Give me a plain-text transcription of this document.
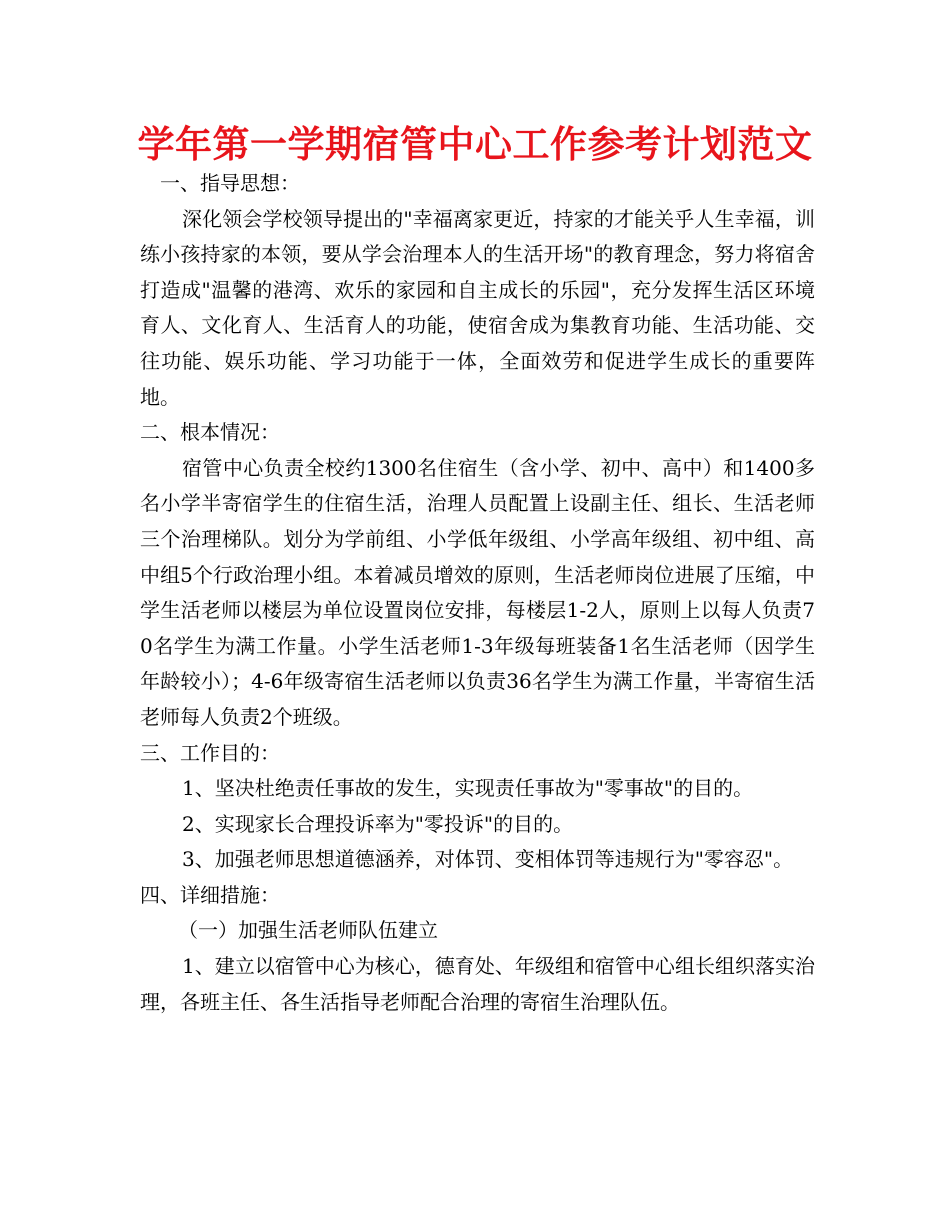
学年第一学期宿管中心工作参考计划范文

一、指导思想：

深化领会学校领导提出的"幸福离家更近，持家的才能关乎人生幸福，训练小孩持家的本领，要从学会治理本人的生活开场"的教育理念，努力将宿舍打造成"温馨的港湾、欢乐的家园和自主成长的乐园"，充分发挥生活区环境育人、文化育人、生活育人的功能，使宿舍成为集教育功能、生活功能、交往功能、娱乐功能、学习功能于一体，全面效劳和促进学生成长的重要阵地。

二、根本情况：

宿管中心负责全校约1300名住宿生（含小学、初中、高中）和1400多名小学半寄宿学生的住宿生活，治理人员配置上设副主任、组长、生活老师三个治理梯队。划分为学前组、小学低年级组、小学高年级组、初中组、高中组5个行政治理小组。本着减员增效的原则，生活老师岗位进展了压缩，中学生活老师以楼层为单位设置岗位安排，每楼层1-2人，原则上以每人负责70名学生为满工作量。小学生活老师1-3年级每班装备1名生活老师（因学生年龄较小）；4-6年级寄宿生活老师以负责36名学生为满工作量，半寄宿生活老师每人负责2个班级。

三、工作目的：

1、坚决杜绝责任事故的发生，实现责任事故为"零事故"的目的。

2、实现家长合理投诉率为"零投诉"的目的。

3、加强老师思想道德涵养，对体罚、变相体罚等违规行为"零容忍"。

四、详细措施：

（一）加强生活老师队伍建立

1、建立以宿管中心为核心，德育处、年级组和宿管中心组长组织落实治理，各班主任、各生活指导老师配合治理的寄宿生治理队伍。
